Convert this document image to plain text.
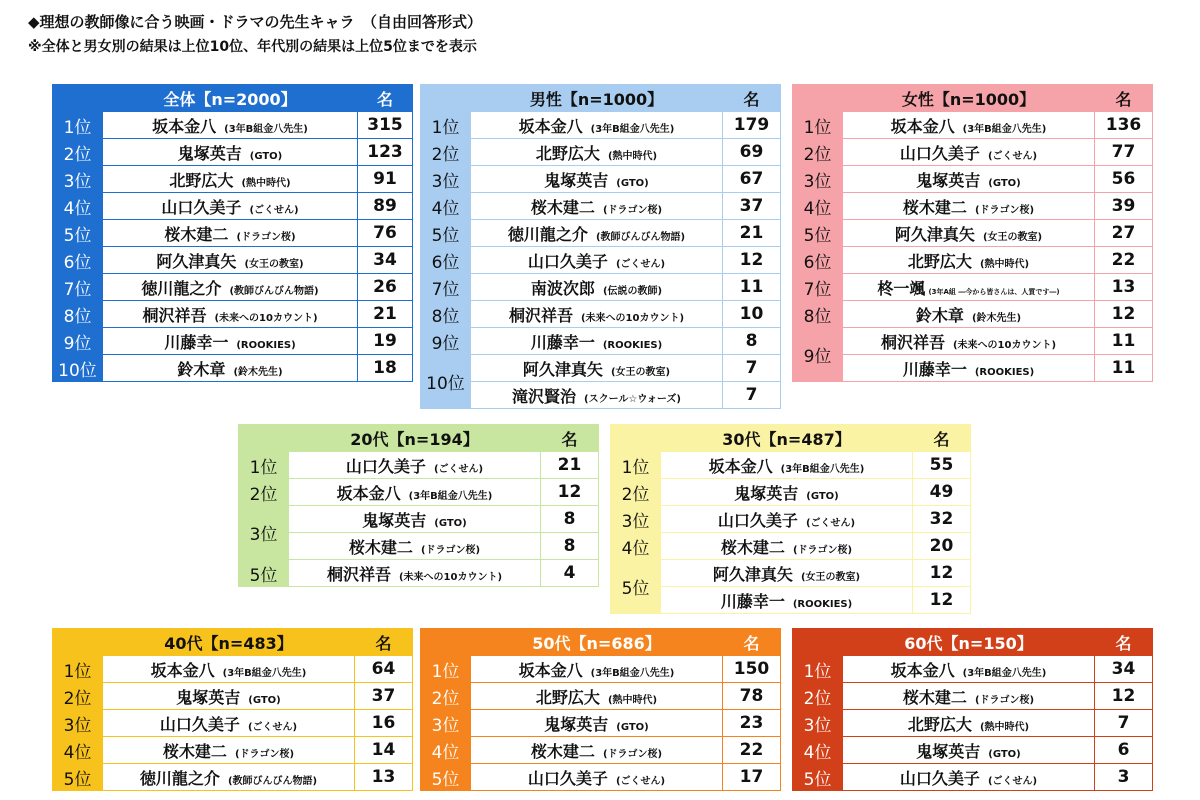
◆理想の教師像に合う映画・ドラマの先生キャラ　（自由回答形式）
※全体と男女別の結果は上位10位、年代別の結果は上位5位までを表示
	全体【n=2000】	名
1位	坂本金八 (3年B組金八先生)	315
2位	鬼塚英吉 (GTO)	123
3位	北野広大 (熱中時代)	91
4位	山口久美子 (ごくせん)	89
5位	桜木建二 (ドラゴン桜)	76
6位	阿久津真矢 (女王の教室)	34
7位	徳川龍之介 (教師びんびん物語)	26
8位	桐沢祥吾 (未来への10カウント)	21
9位	川藤幸一 (ROOKIES)	19
10位	鈴木章 (鈴木先生)	18
	男性【n=1000】	名
1位	坂本金八 (3年B組金八先生)	179
2位	北野広大 (熱中時代)	69
3位	鬼塚英吉 (GTO)	67
4位	桜木建二 (ドラゴン桜)	37
5位	徳川龍之介 (教師びんびん物語)	21
6位	山口久美子 (ごくせん)	12
7位	南波次郎 (伝説の教師)	11
8位	桐沢祥吾 (未来への10カウント)	10
9位	川藤幸一 (ROOKIES)	8
10位	阿久津真矢 (女王の教室)	7
	滝沢賢治 (スクール☆ウォーズ)	7
	女性【n=1000】	名
1位	坂本金八 (3年B組金八先生)	136
2位	山口久美子 (ごくせん)	77
3位	鬼塚英吉 (GTO)	56
4位	桜木建二 (ドラゴン桜)	39
5位	阿久津真矢 (女王の教室)	27
6位	北野広大 (熱中時代)	22
7位	柊一颯 (3年A組 ―今から皆さんは、人質です―)	13
8位	鈴木章 (鈴木先生)	12
9位	桐沢祥吾 (未来への10カウント)	11
	川藤幸一 (ROOKIES)	11
	20代【n=194】	名
1位	山口久美子 (ごくせん)	21
2位	坂本金八 (3年B組金八先生)	12
3位	鬼塚英吉 (GTO)	8
	桜木建二 (ドラゴン桜)	8
5位	桐沢祥吾 (未来への10カウント)	4
	30代【n=487】	名
1位	坂本金八 (3年B組金八先生)	55
2位	鬼塚英吉 (GTO)	49
3位	山口久美子 (ごくせん)	32
4位	桜木建二 (ドラゴン桜)	20
5位	阿久津真矢 (女王の教室)	12
	川藤幸一 (ROOKIES)	12
	40代【n=483】	名
1位	坂本金八 (3年B組金八先生)	64
2位	鬼塚英吉 (GTO)	37
3位	山口久美子 (ごくせん)	16
4位	桜木建二 (ドラゴン桜)	14
5位	徳川龍之介 (教師びんびん物語)	13
	50代【n=686】	名
1位	坂本金八 (3年B組金八先生)	150
2位	北野広大 (熱中時代)	78
3位	鬼塚英吉 (GTO)	23
4位	桜木建二 (ドラゴン桜)	22
5位	山口久美子 (ごくせん)	17
	60代【n=150】	名
1位	坂本金八 (3年B組金八先生)	34
2位	桜木建二 (ドラゴン桜)	12
3位	北野広大 (熱中時代)	7
4位	鬼塚英吉 (GTO)	6
5位	山口久美子 (ごくせん)	3
